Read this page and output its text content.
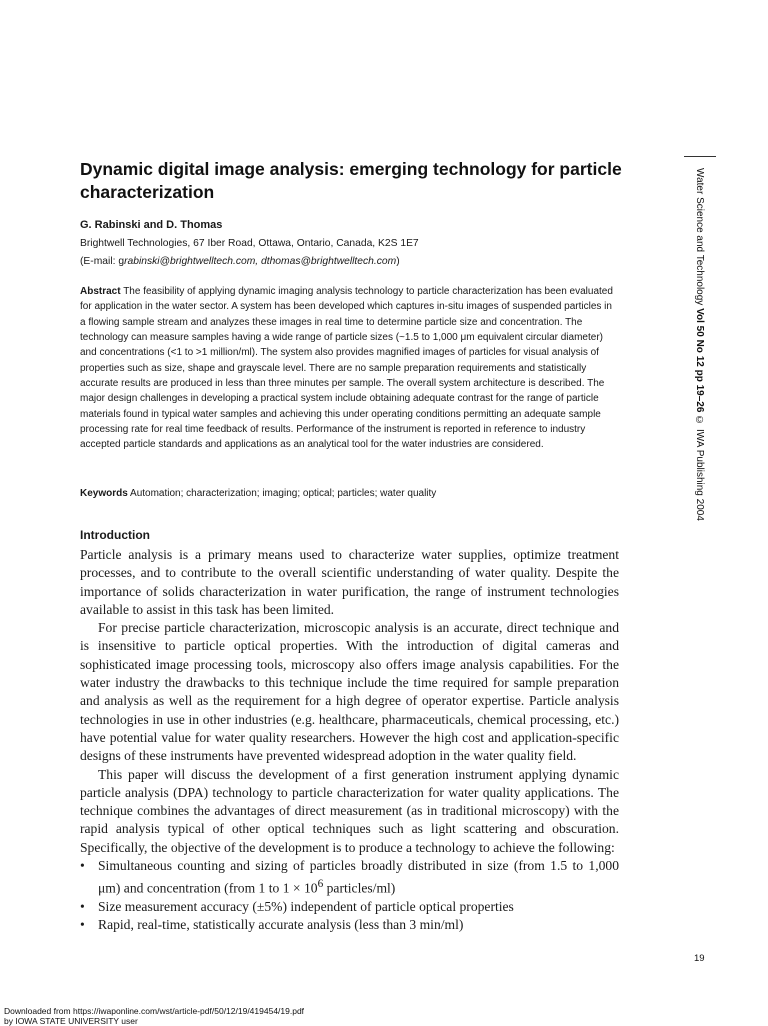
Dynamic digital image analysis: emerging technology for particle characterization
G. Rabinski and D. Thomas
Brightwell Technologies, 67 Iber Road, Ottawa, Ontario, Canada, K2S 1E7
(E-mail: grabinski@brightwelltech.com, dthomas@brightwelltech.com)

Abstract The feasibility of applying dynamic imaging analysis technology to particle characterization has been evaluated for application in the water sector. A system has been developed which captures in-situ images of suspended particles in a flowing sample stream and analyzes these images in real time to determine particle size and concentration. The technology can measure samples having a wide range of particle sizes (~1.5 to 1,000 μm equivalent circular diameter) and concentrations (<1 to >1 million/ml). The system also provides magnified images of particles for visual analysis of properties such as size, shape and grayscale level. There are no sample preparation requirements and statistically accurate results are produced in less than three minutes per sample. The overall system architecture is described. The major design challenges in developing a practical system include obtaining adequate contrast for the range of particle materials found in typical water samples and achieving this under operating conditions permitting an adequate sample processing rate for real time feedback of results. Performance of the instrument is reported in reference to industry accepted particle standards and applications as an analytical tool for the water industries are considered.

Keywords Automation; characterization; imaging; optical; particles; water quality
Introduction

Particle analysis is a primary means used to characterize water supplies, optimize treatment processes, and to contribute to the overall scientific understanding of water quality. Despite the importance of solids characterization in water purification, the range of instrument technologies available to assist in this task has been limited.

For precise particle characterization, microscopic analysis is an accurate, direct technique and is insensitive to particle optical properties. With the introduction of digital cameras and sophisticated image processing tools, microscopy also offers image analysis capabilities. For the water industry the drawbacks to this technique include the time required for sample preparation and analysis as well as the requirement for a high degree of operator expertise. Particle analysis technologies in use in other industries (e.g. healthcare, pharmaceuticals, chemical processing, etc.) have potential value for water quality researchers. However the high cost and application-specific designs of these instruments have prevented widespread adoption in the water quality field.

This paper will discuss the development of a first generation instrument applying dynamic particle analysis (DPA) technology to particle characterization for water quality applications. The technique combines the advantages of direct measurement (as in traditional microscopy) with the rapid analysis typical of other optical techniques such as light scattering and obscuration. Specifically, the objective of the development is to produce a technology to achieve the following:

• Simultaneous counting and sizing of particles broadly distributed in size (from 1.5 to 1,000 μm) and concentration (from 1 to $1 \times 10^6$ particles/ml)
• Size measurement accuracy (±5%) independent of particle optical properties
• Rapid, real-time, statistically accurate analysis (less than 3 min/ml)
Water Science and Technology Vol 50 No 12 pp 19–26 © IWA Publishing 2004
19
Downloaded from https://iwaponline.com/wst/article-pdf/50/12/19/419454/19.pdf
by IOWA STATE UNIVERSITY user
